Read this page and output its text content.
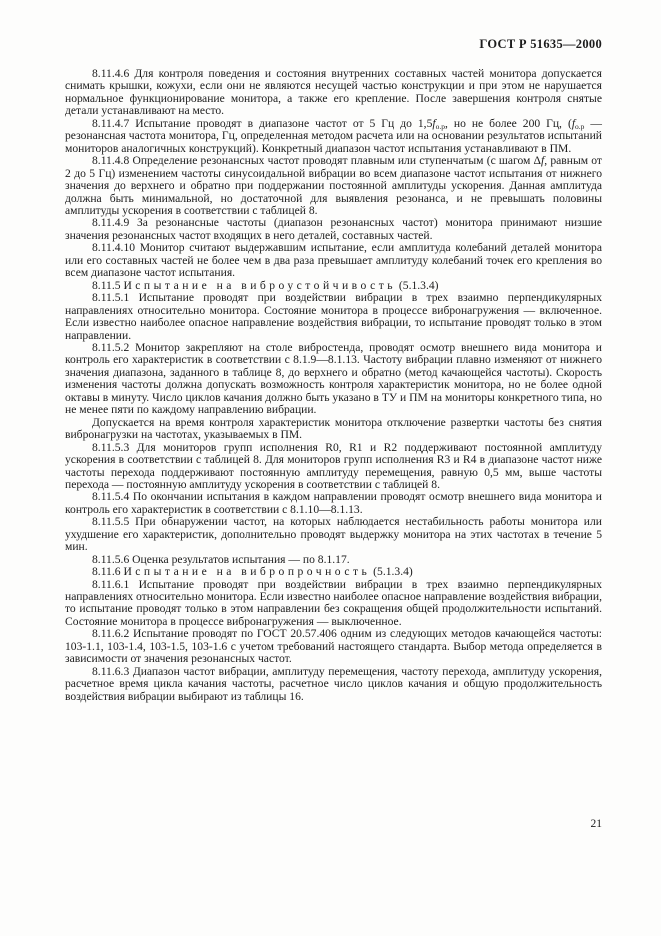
ГОСТ Р 51635—2000

8.11.4.6 Для контроля поведения и состояния внутренних составных частей монитора допускается снимать крышки, кожухи, если они не являются несущей частью конструкции и при этом не нарушается нормальное функционирование монитора, а также его крепление. После завершения контроля снятые детали устанавливают на место.

8.11.4.7 Испытание проводят в диапазоне частот от 5 Гц до $1,5f_{о.р}$, но не более 200 Гц, ($f_{о.р}$ — резонансная частота монитора, Гц, определенная методом расчета или на основании результатов испытаний мониторов аналогичных конструкций). Конкретный диапазон частот испытания устанавливают в ПМ.

8.11.4.8 Определение резонансных частот проводят плавным или ступенчатым (с шагом Δf, равным от 2 до 5 Гц) изменением частоты синусоидальной вибрации во всем диапазоне частот испытания от нижнего значения до верхнего и обратно при поддержании постоянной амплитуды ускорения. Данная амплитуда должна быть минимальной, но достаточной для выявления резонанса, и не превышать половины амплитуды ускорения в соответствии с таблицей 8.

8.11.4.9 За резонансные частоты (диапазон резонансных частот) монитора принимают низшие значения резонансных частот входящих в него деталей, составных частей.

8.11.4.10 Монитор считают выдержавшим испытание, если амплитуда колебаний деталей монитора или его составных частей не более чем в два раза превышает амплитуду колебаний точек его крепления во всем диапазоне частот испытания.

8.11.5 Испытание на виброустойчивость (5.1.3.4)

8.11.5.1 Испытание проводят при воздействии вибрации в трех взаимно перпендикулярных направлениях относительно монитора. Состояние монитора в процессе вибронагружения — включенное. Если известно наиболее опасное направление воздействия вибрации, то испытание проводят только в этом направлении.

8.11.5.2 Монитор закрепляют на столе вибростенда, проводят осмотр внешнего вида монитора и контроль его характеристик в соответствии с 8.1.9—8.1.13. Частоту вибрации плавно изменяют от нижнего значения диапазона, заданного в таблице 8, до верхнего и обратно (метод качающейся частоты). Скорость изменения частоты должна допускать возможность контроля характеристик монитора, но не более одной октавы в минуту. Число циклов качания должно быть указано в ТУ и ПМ на мониторы конкретного типа, но не менее пяти по каждому направлению вибрации.

Допускается на время контроля характеристик монитора отключение развертки частоты без снятия вибронагрузки на частотах, указываемых в ПМ.

8.11.5.3 Для мониторов групп исполнения R0, R1 и R2 поддерживают постоянной амплитуду ускорения в соответствии с таблицей 8. Для мониторов групп исполнения R3 и R4 в диапазоне частот ниже частоты перехода поддерживают постоянную амплитуду перемещения, равную 0,5 мм, выше частоты перехода — постоянную амплитуду ускорения в соответствии с таблицей 8.

8.11.5.4 По окончании испытания в каждом направлении проводят осмотр внешнего вида монитора и контроль его характеристик в соответствии с 8.1.10—8.1.13.

8.11.5.5 При обнаружении частот, на которых наблюдается нестабильность работы монитора или ухудшение его характеристик, дополнительно проводят выдержку монитора на этих частотах в течение 5 мин.

8.11.5.6 Оценка результатов испытания — по 8.1.17.

8.11.6 Испытание на вибропрочность (5.1.3.4)

8.11.6.1 Испытание проводят при воздействии вибрации в трех взаимно перпендикулярных направлениях относительно монитора. Если известно наиболее опасное направление воздействия вибрации, то испытание проводят только в этом направлении без сокращения общей продолжительности испытаний. Состояние монитора в процессе вибронагружения — выключенное.

8.11.6.2 Испытание проводят по ГОСТ 20.57.406 одним из следующих методов качающейся частоты: 103-1.1, 103-1.4, 103-1.5, 103-1.6 с учетом требований настоящего стандарта. Выбор метода определяется в зависимости от значения резонансных частот.

8.11.6.3 Диапазон частот вибрации, амплитуду перемещения, частоту перехода, амплитуду ускорения, расчетное время цикла качания частоты, расчетное число циклов качания и общую продолжительность воздействия вибрации выбирают из таблицы 16.

21
